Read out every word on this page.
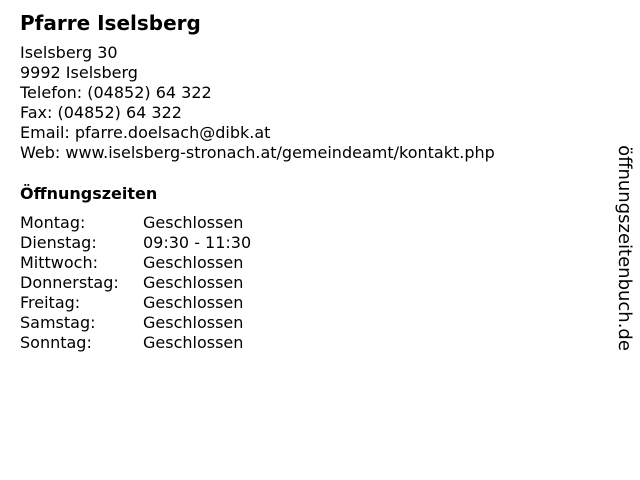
Pfarre Iselsberg
Iselsberg 30
9992 Iselsberg
Telefon: (04852) 64 322
Fax: (04852) 64 322
Email: pfarre.doelsach@dibk.at
Web: www.iselsberg-stronach.at/gemeindeamt/kontakt.php
Öffnungszeiten
Montag:	Geschlossen
Dienstag:	09:30 - 11:30
Mittwoch:	Geschlossen
Donnerstag: Geschlossen
Freitag:	Geschlossen
Samstag:	Geschlossen
Sonntag:	Geschlossen	öffnungszeitenbuch.de
